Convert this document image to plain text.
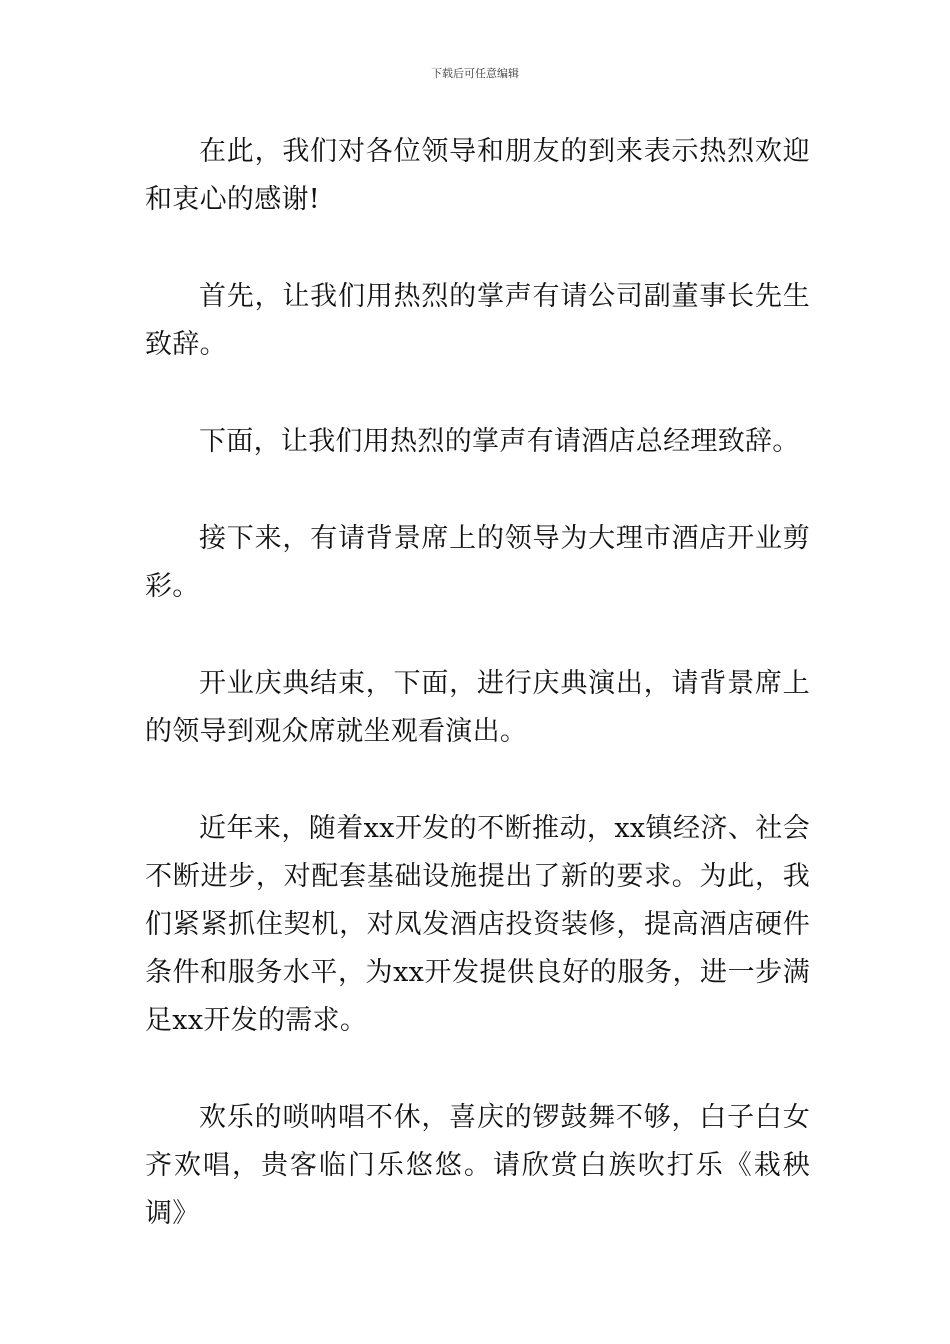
下载后可任意编辑

在此，我们对各位领导和朋友的到来表示热烈欢迎和衷心的感谢!

首先，让我们用热烈的掌声有请公司副董事长先生致辞。

下面，让我们用热烈的掌声有请酒店总经理致辞。

接下来，有请背景席上的领导为大理市酒店开业剪彩。

开业庆典结束，下面，进行庆典演出，请背景席上的领导到观众席就坐观看演出。

近年来，随着xx开发的不断推动，xx镇经济、社会不断进步，对配套基础设施提出了新的要求。为此，我们紧紧抓住契机，对凤发酒店投资装修，提高酒店硬件条件和服务水平，为xx开发提供良好的服务，进一步满足xx开发的需求。

欢乐的唢呐唱不休，喜庆的锣鼓舞不够，白子白女齐欢唱，贵客临门乐悠悠。请欣赏白族吹打乐《栽秧调》
